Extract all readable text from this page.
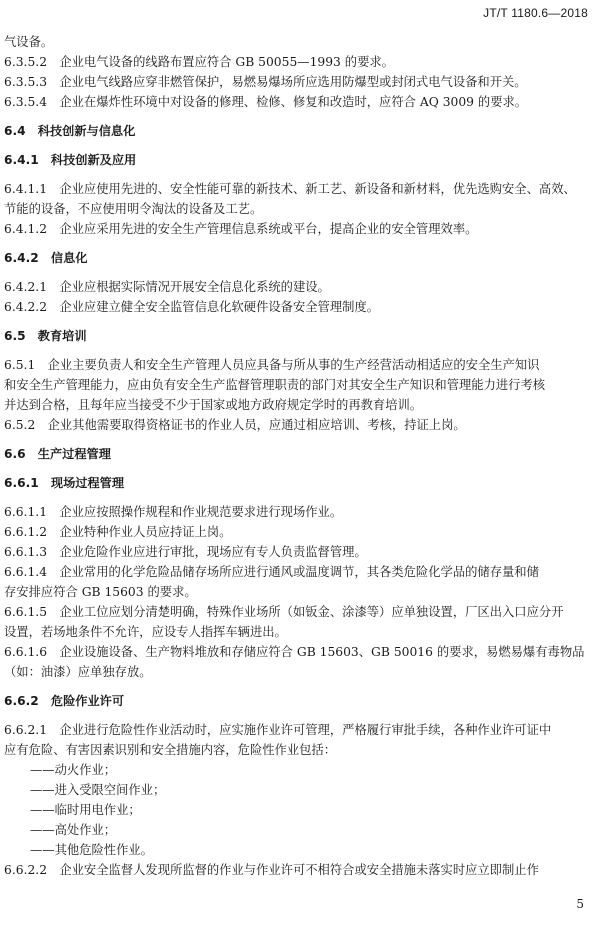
JT/T 1180.6—2018
气设备。
6.3.5.2　企业电气设备的线路布置应符合 GB 50055—1993 的要求。
6.3.5.3　企业电气线路应穿非燃管保护，易燃易爆场所应选用防爆型或封闭式电气设备和开关。
6.3.5.4　企业在爆炸性环境中对设备的修理、检修、修复和改造时，应符合 AQ 3009 的要求。
6.4　科技创新与信息化
6.4.1　科技创新及应用
6.4.1.1　企业应使用先进的、安全性能可靠的新技术、新工艺、新设备和新材料，优先选购安全、高效、
节能的设备，不应使用明令淘汰的设备及工艺。
6.4.1.2　企业应采用先进的安全生产管理信息系统或平台，提高企业的安全管理效率。
6.4.2　信息化
6.4.2.1　企业应根据实际情况开展安全信息化系统的建设。
6.4.2.2　企业应建立健全安全监管信息化软硬件设备安全管理制度。
6.5　教育培训
6.5.1　企业主要负责人和安全生产管理人员应具备与所从事的生产经营活动相适应的安全生产知识
和安全生产管理能力，应由负有安全生产监督管理职责的部门对其安全生产知识和管理能力进行考核
并达到合格，且每年应当接受不少于国家或地方政府规定学时的再教育培训。
6.5.2　企业其他需要取得资格证书的作业人员，应通过相应培训、考核，持证上岗。
6.6　生产过程管理
6.6.1　现场过程管理
6.6.1.1　企业应按照操作规程和作业规范要求进行现场作业。
6.6.1.2　企业特种作业人员应持证上岗。
6.6.1.3　企业危险作业应进行审批，现场应有专人负责监督管理。
6.6.1.4　企业常用的化学危险品储存场所应进行通风或温度调节，其各类危险化学品的储存量和储
存安排应符合 GB 15603 的要求。
6.6.1.5　企业工位应划分清楚明确，特殊作业场所（如钣金、涂漆等）应单独设置，厂区出入口应分开
设置，若场地条件不允许，应设专人指挥车辆进出。
6.6.1.6　企业设施设备、生产物料堆放和存储应符合 GB 15603、GB 50016 的要求，易燃易爆有毒物品
（如：油漆）应单独存放。
6.6.2　危险作业许可
6.6.2.1　企业进行危险性作业活动时，应实施作业许可管理，严格履行审批手续，各种作业许可证中
应有危险、有害因素识别和安全措施内容，危险性作业包括：
——动火作业；
——进入受限空间作业；
——临时用电作业；
——高处作业；
——其他危险性作业。
6.6.2.2　企业安全监督人发现所监督的作业与作业许可不相符合或安全措施未落实时应立即制止作
5
